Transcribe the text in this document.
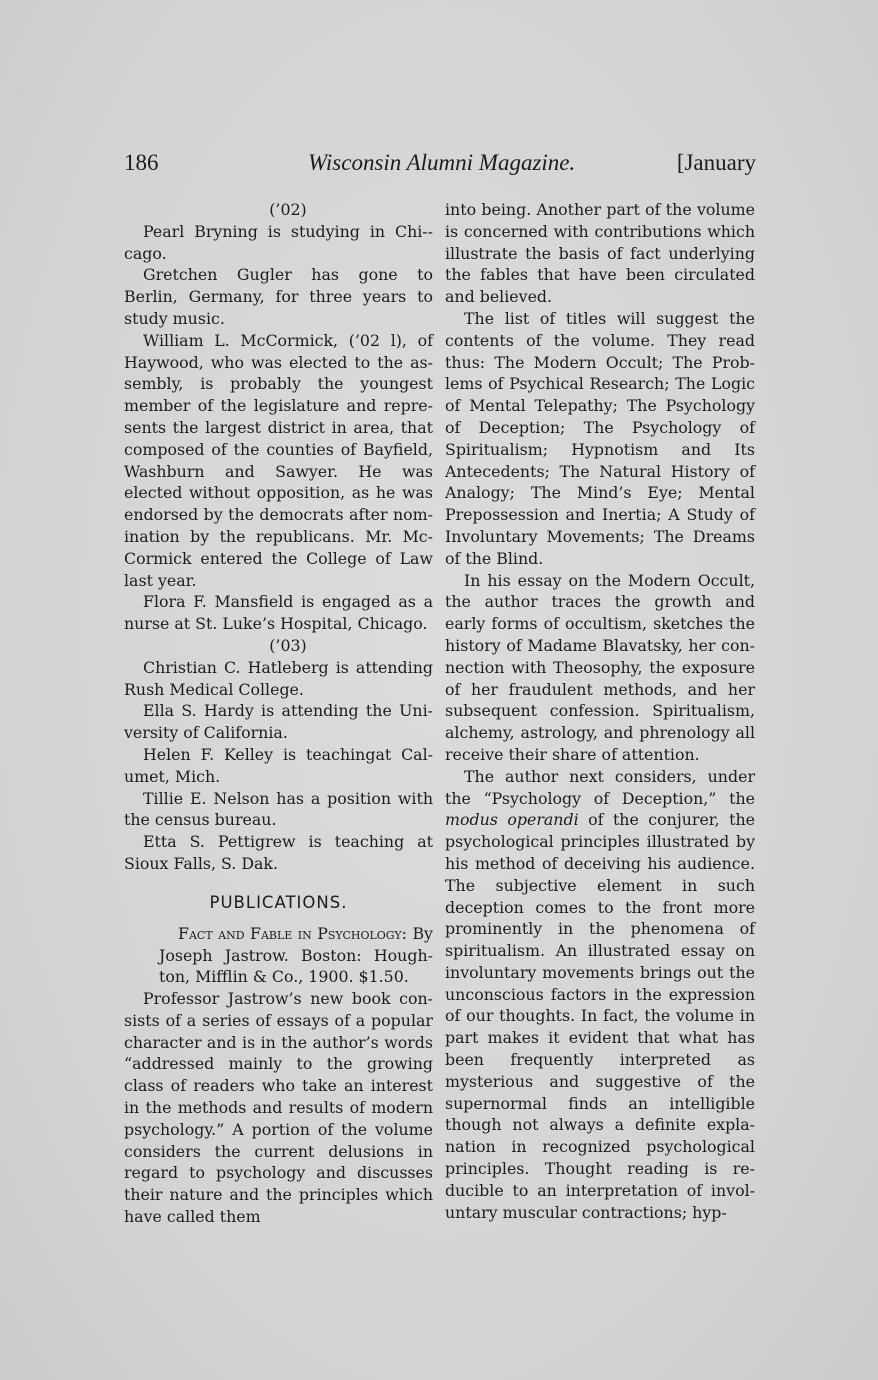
186	Wisconsin Alumni Magazine.	[January

(’02)

Pearl Bryning is studying in Chi-cago.

Gretchen Gugler has gone to Berlin, Germany, for three years to study music.

William L. McCormick, (’02 l), of Haywood, who was elected to the assembly, is probably the youngest member of the legislature and represents the largest district in area, that composed of the counties of Bayfield, Washburn and Sawyer. He was elected without opposition, as he was endorsed by the democrats after nomination by the republicans. Mr. McCormick entered the College of Law last year.

Flora F. Mansfield is engaged as a nurse at St. Luke’s Hospital, Chicago.

(’03)

Christian C. Hatleberg is attending Rush Medical College.

Ella S. Hardy is attending the University of California.

Helen F. Kelley is teachingat Calumet, Mich.

Tillie E. Nelson has a position with the census bureau.

Etta S. Pettigrew is teaching at Sioux Falls, S. Dak.

PUBLICATIONS.

Fact and Fable in Psychology: By Joseph Jastrow. Boston: Houghton, Mifflin & Co., 1900. $1.50.

Professor Jastrow’s new book consists of a series of essays of a popular character and is in the author’s words “addressed mainly to the growing class of readers who take an interest in the methods and results of modern psychology.” A portion of the volume considers the current delusions in regard to psychology and discusses their nature and the principles which have called them

into being. Another part of the volume is concerned with contributions which illustrate the basis of fact underlying the fables that have been circulated and believed.

The list of titles will suggest the contents of the volume. They read thus: The Modern Occult; The Problems of Psychical Research; The Logic of Mental Telepathy; The Psychology of Deception; The Psychology of Spiritualism; Hypnotism and Its Antecedents; The Natural History of Analogy; The Mind’s Eye; Mental Prepossession and Inertia; A Study of Involuntary Movements; The Dreams of the Blind.

In his essay on the Modern Occult, the author traces the growth and early forms of occultism, sketches the history of Madame Blavatsky, her connection with Theosophy, the exposure of her fraudulent methods, and her subsequent confession. Spiritualism, alchemy, astrology, and phrenology all receive their share of attention.

The author next considers, under the “Psychology of Deception,” the modus operandi of the conjurer, the psychological principles illustrated by his method of deceiving his audience. The subjective element in such deception comes to the front more prominently in the phenomena of spiritualism. An illustrated essay on involuntary movements brings out the unconscious factors in the expression of our thoughts. In fact, the volume in part makes it evident that what has been frequently interpreted as mysterious and suggestive of the supernormal finds an intelligible though not always a definite explanation in recognized psychological principles. Thought reading is reducible to an interpretation of involuntary muscular contractions; hyp-
